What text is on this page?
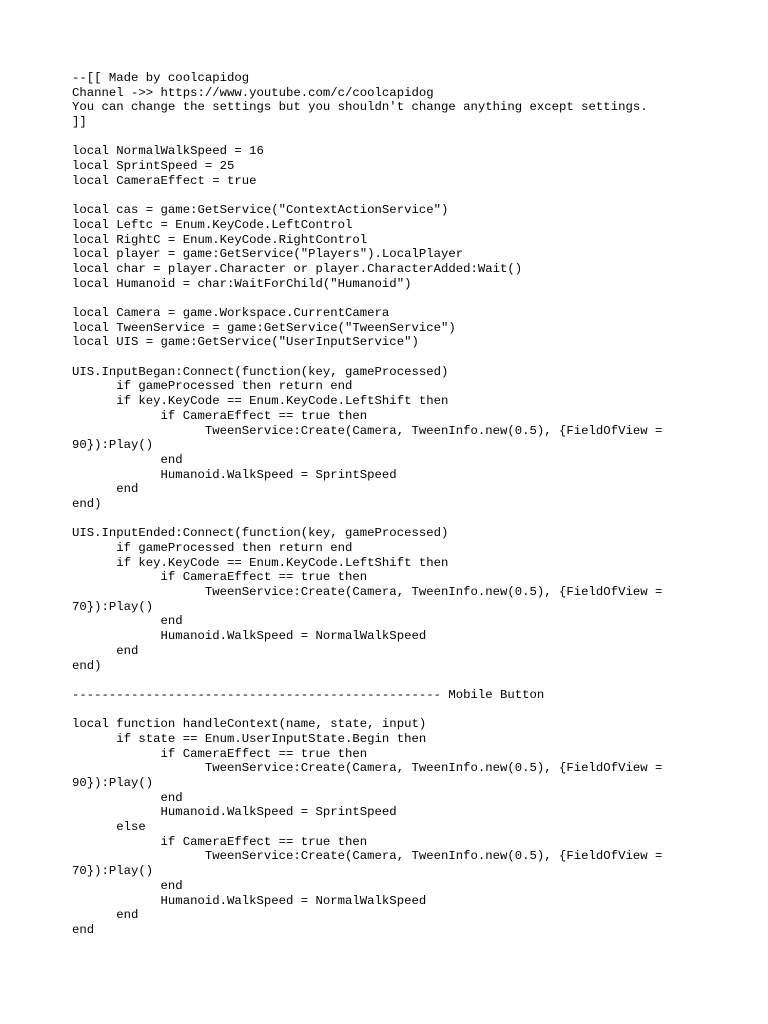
--[[ Made by coolcapidog
Channel ->> https://www.youtube.com/c/coolcapidog
You can change the settings but you shouldn't change anything except settings.
]]
local NormalWalkSpeed = 16
local SprintSpeed = 25
local CameraEffect = true
local cas = game:GetService("ContextActionService")
local Leftc = Enum.KeyCode.LeftControl
local RightC = Enum.KeyCode.RightControl
local player = game:GetService("Players").LocalPlayer
local char = player.Character or player.CharacterAdded:Wait()
local Humanoid = char:WaitForChild("Humanoid")
local Camera = game.Workspace.CurrentCamera
local TweenService = game:GetService("TweenService")
local UIS = game:GetService("UserInputService")
UIS.InputBegan:Connect(function(key, gameProcessed)
if gameProcessed then return end
if key.KeyCode == Enum.KeyCode.LeftShift then
if CameraEffect == true then
TweenService:Create(Camera, TweenInfo.new(0.5), {FieldOfView =
90}):Play()
end
Humanoid.WalkSpeed = SprintSpeed
end
end)
UIS.InputEnded:Connect(function(key, gameProcessed)
if gameProcessed then return end
if key.KeyCode == Enum.KeyCode.LeftShift then
if CameraEffect == true then
TweenService:Create(Camera, TweenInfo.new(0.5), {FieldOfView =
70}):Play()
end
Humanoid.WalkSpeed = NormalWalkSpeed
end
end)
-------------------------------------------------- Mobile Button
local function handleContext(name, state, input)
if state == Enum.UserInputState.Begin then
if CameraEffect == true then
TweenService:Create(Camera, TweenInfo.new(0.5), {FieldOfView =
90}):Play()
end
Humanoid.WalkSpeed = SprintSpeed
else
if CameraEffect == true then
TweenService:Create(Camera, TweenInfo.new(0.5), {FieldOfView =
70}):Play()
end
Humanoid.WalkSpeed = NormalWalkSpeed
end
end
